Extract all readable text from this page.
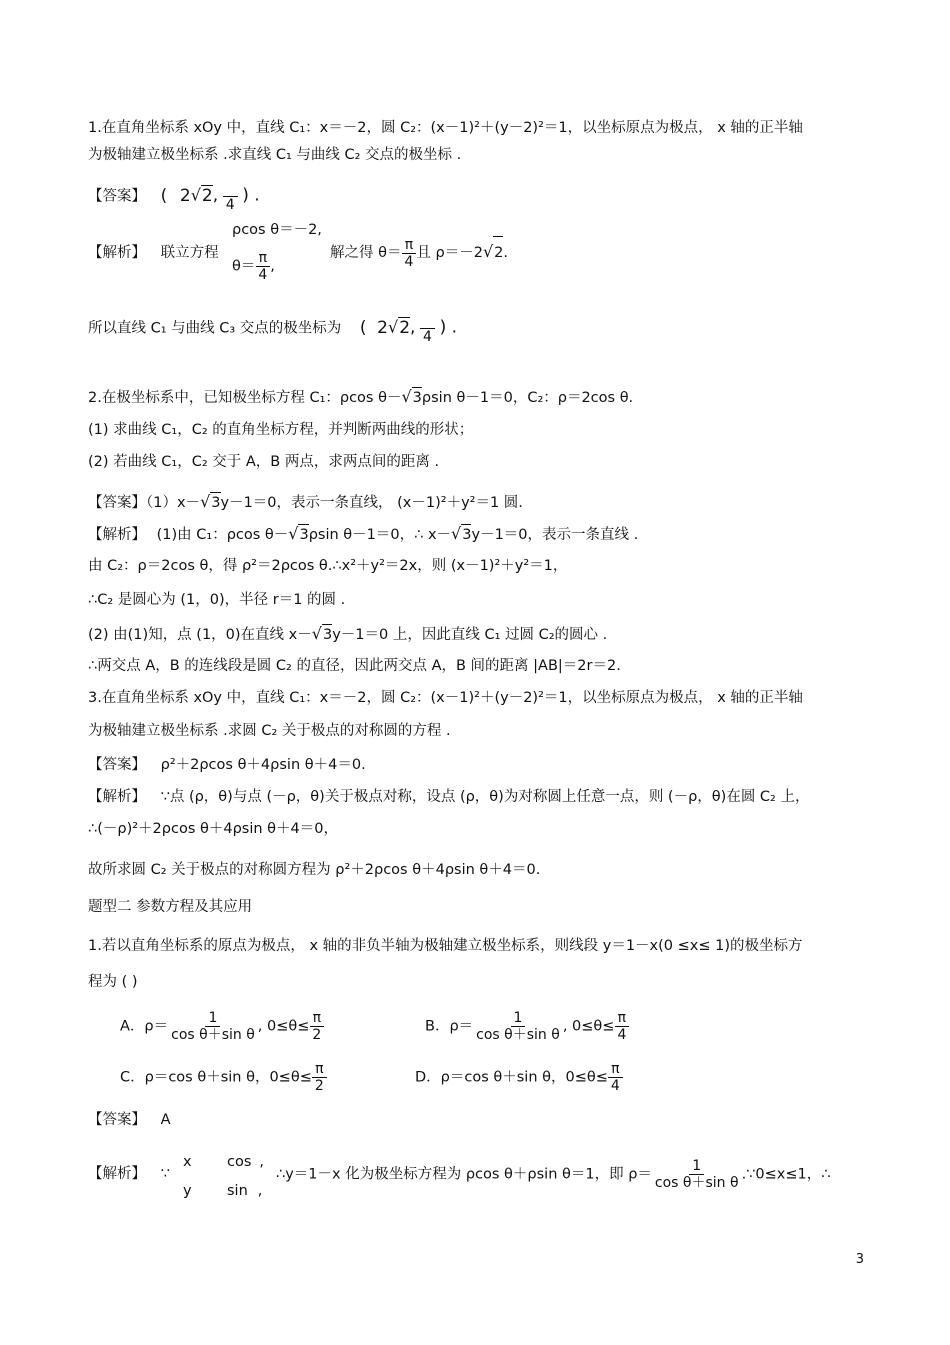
1.在直角坐标系 xOy 中，直线 C₁：x＝－2，圆 C₂：(x－1)²＋(y－2)²＝1，以坐标原点为极点， x 轴的正半轴
为极轴建立极坐标系 .求直线 C₁ 与曲线 C₂ 交点的极坐标 .
【答案】 ( 2√2,
4 ) .
【解析】 联立方程
ρcos θ＝－2,
$\theta= \frac{\pi}{4}$ ,
解之得 $\theta= \frac{\pi}{4}$ 且 ρ＝－2√2.
所以直线 C₁ 与曲线 C₃ 交点的极坐标为 ( 2√2,
4 ) .
2.在极坐标系中，已知极坐标方程 C₁：ρcos θ－√3ρsin θ－1＝0，C₂：ρ＝2cos θ.
(1) 求曲线 C₁，C₂ 的直角坐标方程，并判断两曲线的形状；
(2) 若曲线 C₁，C₂ 交于 A，B 两点，求两点间的距离 .
【答案】（1）x－√3y－1＝0，表示一条直线， (x－1)²＋y²＝1 圆.
【解析】 (1)由 C₁：ρcos θ－√3ρsin θ－1＝0，∴ x－√3y－1＝0，表示一条直线 .
由 C₂：ρ＝2cos θ，得 ρ²＝2ρcos θ.∴x²＋y²＝2x，则 (x－1)²＋y²＝1，
∴C₂ 是圆心为 (1，0)，半径 r＝1 的圆 .
(2) 由(1)知，点 (1，0)在直线 x－√3y－1＝0 上，因此直线 C₁ 过圆 C₂的圆心 .
∴两交点 A，B 的连线段是圆 C₂ 的直径，因此两交点 A，B 间的距离 |AB|＝2r＝2.
3.在直角坐标系 xOy 中，直线 C₁：x＝－2，圆 C₂：(x－1)²＋(y－2)²＝1，以坐标原点为极点， x 轴的正半轴
为极轴建立极坐标系 .求圆 C₂ 关于极点的对称圆的方程 .
【答案】 ρ²＋2ρcos θ＋4ρsin θ＋4＝0.
【解析】 ∵点 (ρ，θ)与点 (－ρ，θ)关于极点对称，设点 (ρ，θ)为对称圆上任意一点，则 (－ρ，θ)在圆 C₂ 上，
∴(－ρ)²＋2ρcos θ＋4ρsin θ＋4＝0，
故所求圆 C₂ 关于极点的对称圆方程为 ρ²＋2ρcos θ＋4ρsin θ＋4＝0.
题型二 参数方程及其应用
1.若以直角坐标系的原点为极点， x 轴的非负半轴为极轴建立极坐标系，则线段 y＝1－x(0 ≤x≤ 1)的极坐标方
程为 ( )
A．$\rho= \frac{1}{\text{cos θ＋sin θ}}$ , $0\le\theta\le \frac{\pi}{2}$	B．$\rho= \frac{1}{\text{cos θ＋sin θ}}$ , $0\le\theta\le \frac{\pi}{4}$
C．ρ＝cos θ＋sin θ，$0\le\theta\le \frac{\pi}{2}$	D．ρ＝cos θ＋sin θ，$0\le\theta\le \frac{\pi}{4}$
【答案】 A
【解析】 ∵
x cos ,
y sin ,
∴y＝1－x 化为极坐标方程为 ρcos θ＋ρsin θ＝1，即 $\rho= \frac{1}{\text{cos θ＋sin θ}}$ .∵0≤x≤1，∴
3
